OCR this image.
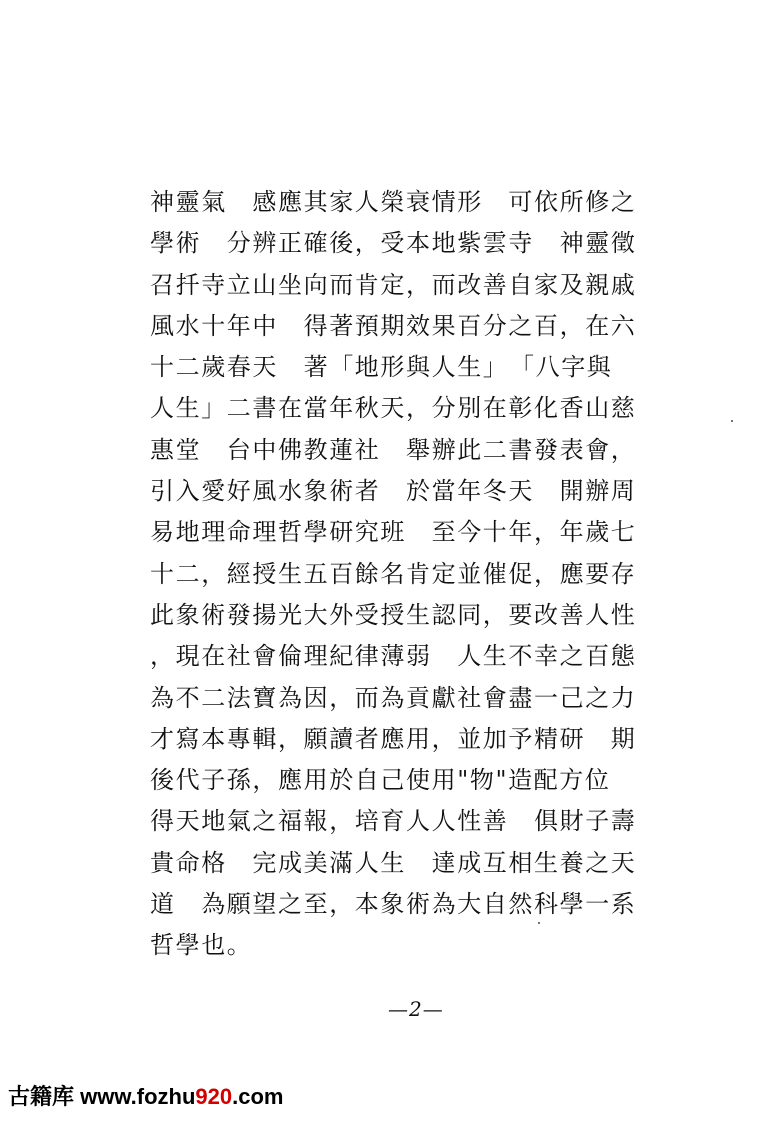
神靈氣　感應其家人榮衰情形　可依所修之
學術　分辨正確後，受本地紫雲寺　神靈徵
召扦寺立山坐向而肯定，而改善自家及親戚
風水十年中　得著預期效果百分之百，在六
十二歲春天　著「地形與人生」　「八字與
人生」二書在當年秋天，分別在彰化香山慈
惠堂　台中佛教蓮社　舉辦此二書發表會，
引入愛好風水象術者　於當年冬天　開辦周
易地理命理哲學研究班　至今十年，年歲七
十二，經授生五百餘名肯定並催促，應要存
此象術發揚光大外受授生認同，要改善人性
，現在社會倫理紀律薄弱　人生不幸之百態
為不二法寶為因，而為貢獻社會盡一己之力
才寫本專輯，願讀者應用，並加予精研　期
後代子孫，應用於自己使用"物"造配方位
得天地氣之福報，培育人人性善　俱財子壽
貴命格　完成美滿人生　達成互相生養之天
道　為願望之至，本象術為大自然科學一系
哲學也。
—2—
古籍库 www.fozhu920.com
